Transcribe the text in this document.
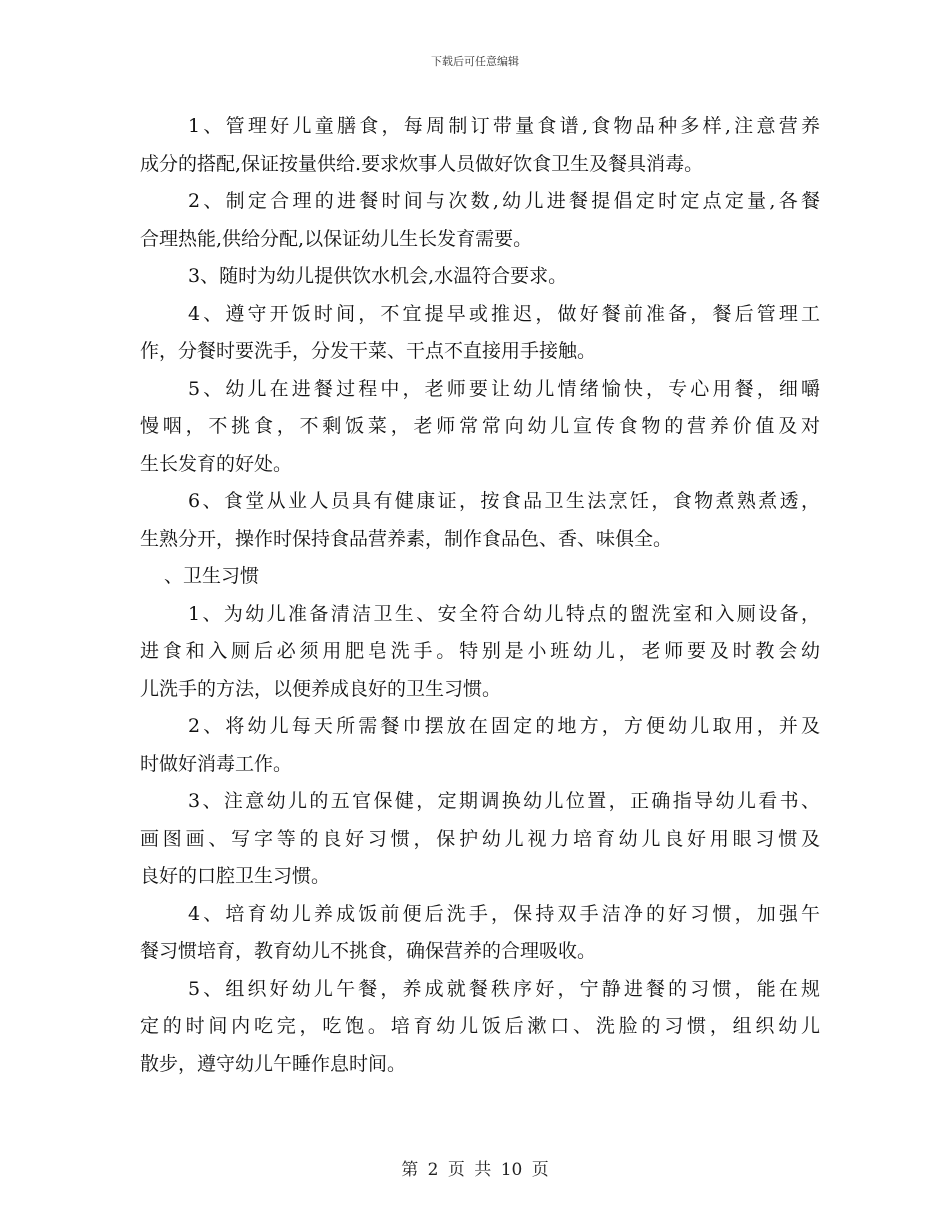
下载后可任意编辑
1、管理好儿童膳食，每周制订带量食谱,食物品种多样,注意营养
成分的搭配,保证按量供给.要求炊事人员做好饮食卫生及餐具消毒。
2、制定合理的进餐时间与次数,幼儿进餐提倡定时定点定量,各餐
合理热能,供给分配,以保证幼儿生长发育需要。
3、随时为幼儿提供饮水机会,水温符合要求。
4、遵守开饭时间，不宜提早或推迟，做好餐前准备，餐后管理工
作，分餐时要洗手，分发干菜、干点不直接用手接触。
5、幼儿在进餐过程中，老师要让幼儿情绪愉快，专心用餐，细嚼
慢咽，不挑食，不剩饭菜，老师常常向幼儿宣传食物的营养价值及对
生长发育的好处。
6、食堂从业人员具有健康证，按食品卫生法烹饪，食物煮熟煮透，
生熟分开，操作时保持食品营养素，制作食品色、香、味俱全。
、卫生习惯
1、为幼儿准备清洁卫生、安全符合幼儿特点的盥洗室和入厕设备，
进食和入厕后必须用肥皂洗手。特别是小班幼儿，老师要及时教会幼
儿洗手的方法，以便养成良好的卫生习惯。
2、将幼儿每天所需餐巾摆放在固定的地方，方便幼儿取用，并及
时做好消毒工作。
3、注意幼儿的五官保健，定期调换幼儿位置，正确指导幼儿看书、
画图画、写字等的良好习惯，保护幼儿视力培育幼儿良好用眼习惯及
良好的口腔卫生习惯。
4、培育幼儿养成饭前便后洗手，保持双手洁净的好习惯，加强午
餐习惯培育，教育幼儿不挑食，确保营养的合理吸收。
5、组织好幼儿午餐，养成就餐秩序好，宁静进餐的习惯，能在规
定的时间内吃完，吃饱。培育幼儿饭后漱口、洗脸的习惯，组织幼儿
散步，遵守幼儿午睡作息时间。
第 2 页 共 10 页
